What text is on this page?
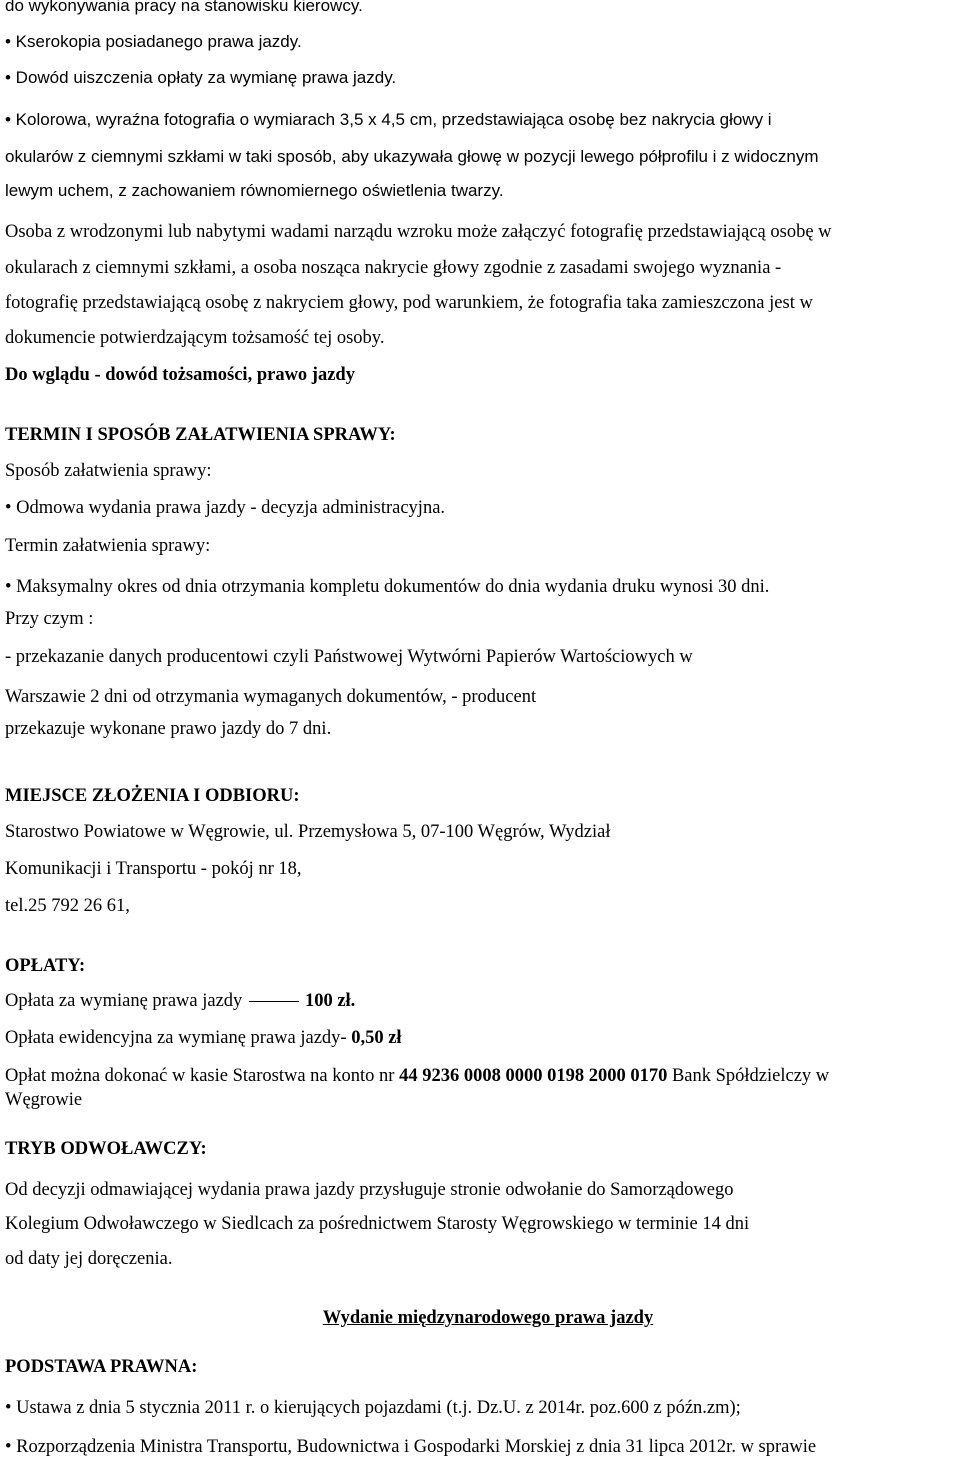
do wykonywania pracy na stanowisku kierowcy.
• Kserokopia posiadanego prawa jazdy.
• Dowód uiszczenia opłaty za wymianę prawa jazdy.
• Kolorowa, wyraźna fotografia o wymiarach 3,5 x 4,5 cm, przedstawiająca osobę bez nakrycia głowy i
okularów z ciemnymi szkłami w taki sposób, aby ukazywała głowę w pozycji lewego półprofilu i z widocznym
lewym uchem, z zachowaniem równomiernego oświetlenia twarzy.
Osoba z wrodzonymi lub nabytymi wadami narządu wzroku może załączyć fotografię przedstawiającą osobę w
okularach z ciemnymi szkłami, a osoba nosząca nakrycie głowy zgodnie z zasadami swojego wyznania -
fotografię przedstawiającą osobę z nakryciem głowy, pod warunkiem, że fotografia taka zamieszczona jest w
dokumencie potwierdzającym tożsamość tej osoby.
Do wglądu - dowód tożsamości, prawo jazdy
TERMIN I SPOSÓB ZAŁATWIENIA SPRAWY:
Sposób załatwienia sprawy:
• Odmowa wydania prawa jazdy - decyzja administracyjna.
Termin załatwienia sprawy:
• Maksymalny okres od dnia otrzymania kompletu dokumentów do dnia wydania druku wynosi 30 dni.
Przy czym :
- przekazanie danych producentowi czyli Państwowej Wytwórni Papierów Wartościowych w
Warszawie 2 dni od otrzymania wymaganych dokumentów, - producent
przekazuje wykonane prawo jazdy do 7 dni.
MIEJSCE ZŁOŻENIA I ODBIORU:
Starostwo Powiatowe w Węgrowie, ul. Przemysłowa 5, 07-100 Węgrów, Wydział
Komunikacji i Transportu - pokój nr 18,
tel.25 792 26 61,
OPŁATY:
Opłata za wymianę prawa jazdy	100 zł.
Opłata ewidencyjna za wymianę prawa jazdy- 0,50 zł
Opłat można dokonać w kasie Starostwa na konto nr 44 9236 0008 0000 0198 2000 0170 Bank Spółdzielczy w
Węgrowie
TRYB ODWOŁAWCZY:
Od decyzji odmawiającej wydania prawa jazdy przysługuje stronie odwołanie do Samorządowego
Kolegium Odwoławczego w Siedlcach za pośrednictwem Starosty Węgrowskiego w terminie 14 dni
od daty jej doręczenia.
Wydanie międzynarodowego prawa jazdy
PODSTAWA PRAWNA:
• Ustawa z dnia 5 stycznia 2011 r. o kierujących pojazdami (t.j. Dz.U. z 2014r. poz.600 z późn.zm);
• Rozporządzenia Ministra Transportu, Budownictwa i Gospodarki Morskiej z dnia 31 lipca 2012r. w sprawie
